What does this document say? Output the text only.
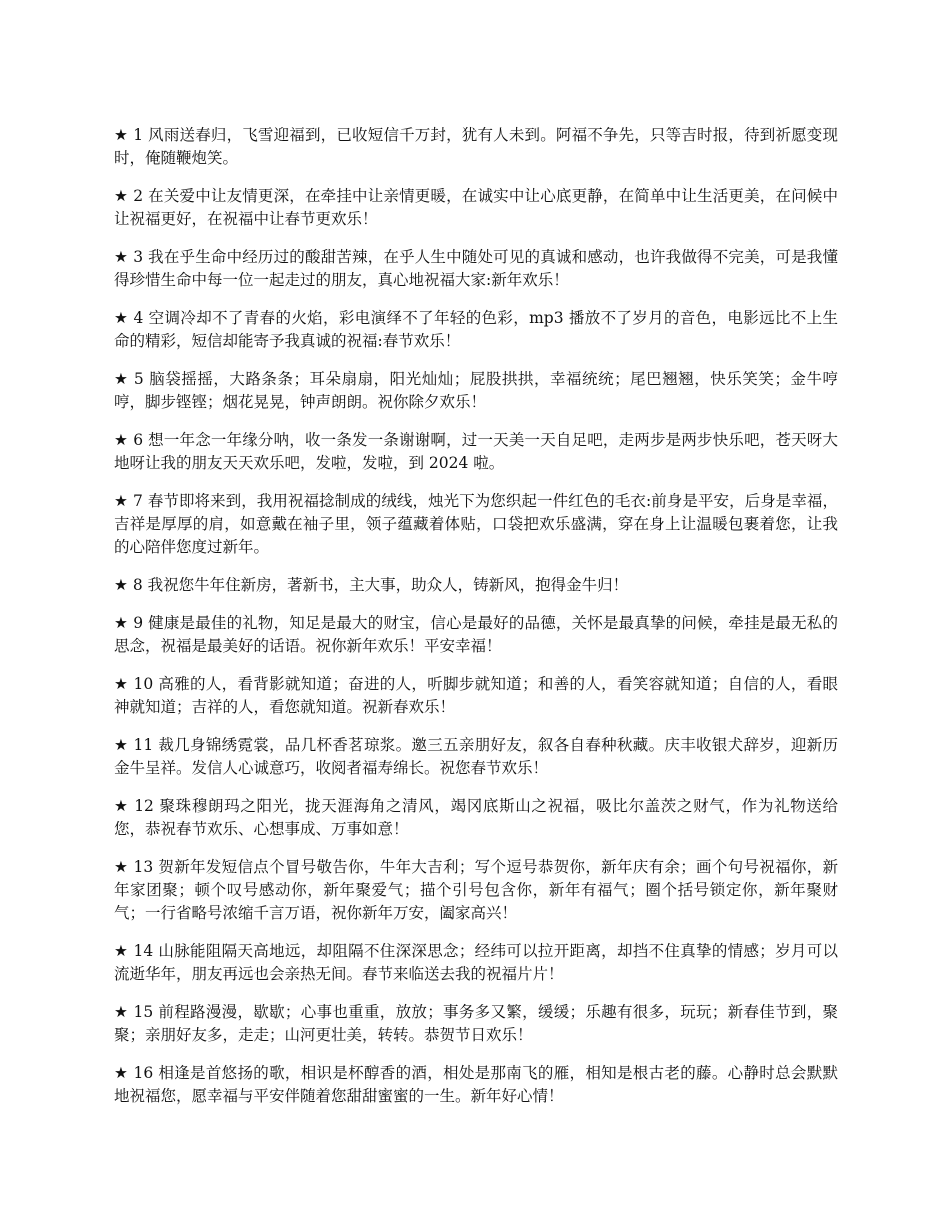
★ 1 风雨送春归，飞雪迎福到，已收短信千万封，犹有人未到。阿福不争先，只等吉时报，待到祈愿变现时，俺随鞭炮笑。

★ 2 在关爱中让友情更深，在牵挂中让亲情更暖，在诚实中让心底更静，在简单中让生活更美，在问候中让祝福更好，在祝福中让春节更欢乐！

★ 3 我在乎生命中经历过的酸甜苦辣，在乎人生中随处可见的真诚和感动，也许我做得不完美，可是我懂得珍惜生命中每一位一起走过的朋友，真心地祝福大家:新年欢乐！

★ 4 空调冷却不了青春的火焰，彩电演绎不了年轻的色彩，mp3 播放不了岁月的音色，电影远比不上生命的精彩，短信却能寄予我真诚的祝福:春节欢乐！

★ 5 脑袋摇摇，大路条条；耳朵扇扇，阳光灿灿；屁股拱拱，幸福统统；尾巴翘翘，快乐笑笑；金牛哼哼，脚步铿铿；烟花晃晃，钟声朗朗。祝你除夕欢乐！

★ 6 想一年念一年缘分呐，收一条发一条谢谢啊，过一天美一天自足吧，走两步是两步快乐吧，苍天呀大地呀让我的朋友天天欢乐吧，发啦，发啦，到 2024 啦。

★ 7 春节即将来到，我用祝福捻制成的绒线，烛光下为您织起一件红色的毛衣:前身是平安，后身是幸福，吉祥是厚厚的肩，如意戴在袖子里，领子蕴藏着体贴，口袋把欢乐盛满，穿在身上让温暖包裹着您，让我的心陪伴您度过新年。

★ 8 我祝您牛年住新房，著新书，主大事，助众人，铸新风，抱得金牛归！

★ 9 健康是最佳的礼物，知足是最大的财宝，信心是最好的品德，关怀是最真挚的问候，牵挂是最无私的思念，祝福是最美好的话语。祝你新年欢乐！平安幸福！

★ 10 高雅的人，看背影就知道；奋进的人，听脚步就知道；和善的人，看笑容就知道；自信的人，看眼神就知道；吉祥的人，看您就知道。祝新春欢乐！

★ 11 裁几身锦绣霓裳，品几杯香茗琼浆。邀三五亲朋好友，叙各自春种秋藏。庆丰收银犬辞岁，迎新历金牛呈祥。发信人心诚意巧，收阅者福寿绵长。祝您春节欢乐！

★ 12 聚珠穆朗玛之阳光，拢天涯海角之清风，竭冈底斯山之祝福，吸比尔盖茨之财气，作为礼物送给您，恭祝春节欢乐、心想事成、万事如意！

★ 13 贺新年发短信点个冒号敬告你，牛年大吉利；写个逗号恭贺你，新年庆有余；画个句号祝福你，新年家团聚；顿个叹号感动你，新年聚爱气；描个引号包含你，新年有福气；圈个括号锁定你，新年聚财气；一行省略号浓缩千言万语，祝你新年万安，阖家高兴！

★ 14 山脉能阻隔天高地远，却阻隔不住深深思念；经纬可以拉开距离，却挡不住真挚的情感；岁月可以流逝华年，朋友再远也会亲热无间。春节来临送去我的祝福片片！

★ 15 前程路漫漫，歇歇；心事也重重，放放；事务多又繁，缓缓；乐趣有很多，玩玩；新春佳节到，聚聚；亲朋好友多，走走；山河更壮美，转转。恭贺节日欢乐！

★ 16 相逢是首悠扬的歌，相识是杯醇香的酒，相处是那南飞的雁，相知是根古老的藤。心静时总会默默地祝福您，愿幸福与平安伴随着您甜甜蜜蜜的一生。新年好心情！
